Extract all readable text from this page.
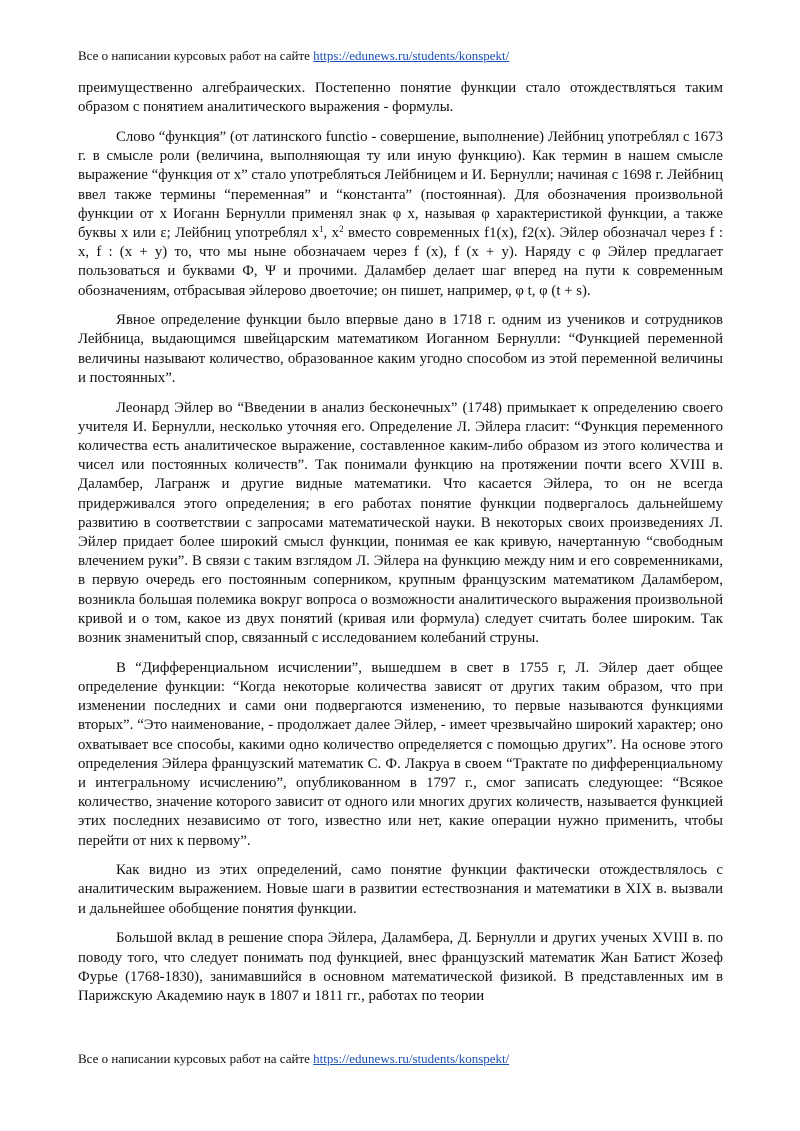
Все о написании курсовых работ на сайте https://edunews.ru/students/konspekt/

преимущественно алгебраических. Постепенно понятие функции стало отождествляться таким образом с понятием аналитического выражения - формулы.

Слово “функция” (от латинского functio - совершение, выполнение) Лейбниц употреблял с 1673 г. в смысле роли (величина, выполняющая ту или иную функцию). Как термин в нашем смысле выражение “функция от x” стало употребляться Лейбницем и И. Бернулли; начиная с 1698 г. Лейбниц ввел также термины “переменная” и “константа” (постоянная). Для обозначения произвольной функции от x Иоганн Бернулли применял знак φ x, называя φ характеристикой функции, а также буквы x или ε; Лейбниц употреблял $x^1$, $x^2$ вместо современных f1(x), f2(x). Эйлер обозначал через f : x, f : (x + y) то, что мы ныне обозначаем через f (x), f (x + y). Наряду с φ Эйлер предлагает пользоваться и буквами Ф, Ψ и прочими. Даламбер делает шаг вперед на пути к современным обозначениям, отбрасывая эйлерово двоеточие; он пишет, например, φ t, φ (t + s).

Явное определение функции было впервые дано в 1718 г. одним из учеников и сотрудников Лейбница, выдающимся швейцарским математиком Иоганном Бернулли: “Функцией переменной величины называют количество, образованное каким угодно способом из этой переменной величины и постоянных”.

Леонард Эйлер во “Введении в анализ бесконечных” (1748) примыкает к определению своего учителя И. Бернулли, несколько уточняя его. Определение Л. Эйлера гласит: “Функция переменного количества есть аналитическое выражение, составленное каким-либо образом из этого количества и чисел или постоянных количеств”. Так понимали функцию на протяжении почти всего XVIII в. Даламбер, Лагранж и другие видные математики. Что касается Эйлера, то он не всегда придерживался этого определения; в его работах понятие функции подвергалось дальнейшему развитию в соответствии с запросами математической науки. В некоторых своих произведениях Л. Эйлер придает более широкий смысл функции, понимая ее как кривую, начертанную “свободным влечением руки”. В связи с таким взглядом Л. Эйлера на функцию между ним и его современниками, в первую очередь его постоянным соперником, крупным французским математиком Даламбером, возникла большая полемика вокруг вопроса о возможности аналитического выражения произвольной кривой и о том, какое из двух понятий (кривая или формула) следует считать более широким. Так возник знаменитый спор, связанный с исследованием колебаний струны.

В “Дифференциальном исчислении”, вышедшем в свет в 1755 г, Л. Эйлер дает общее определение функции: “Когда некоторые количества зависят от других таким образом, что при изменении последних и сами они подвергаются изменению, то первые называются функциями вторых”. “Это наименование, - продолжает далее Эйлер, - имеет чрезвычайно широкий характер; оно охватывает все способы, какими одно количество определяется с помощью других”. На основе этого определения Эйлера французский математик С. Ф. Лакруа в своем “Трактате по дифференциальному и интегральному исчислению”, опубликованном в 1797 г., смог записать следующее: “Всякое количество, значение которого зависит от одного или многих других количеств, называется функцией этих последних независимо от того, известно или нет, какие операции нужно применить, чтобы перейти от них к первому”.

Как видно из этих определений, само понятие функции фактически отождествлялось с аналитическим выражением. Новые шаги в развитии естествознания и математики в XIX в. вызвали и дальнейшее обобщение понятия функции.

Большой вклад в решение спора Эйлера, Даламбера, Д. Бернулли и других ученых XVIII в. по поводу того, что следует понимать под функцией, внес французский математик Жан Батист Жозеф Фурье (1768-1830), занимавшийся в основном математической физикой. В представленных им в Парижскую Академию наук в 1807 и 1811 гг., работах по теории

Все о написании курсовых работ на сайте https://edunews.ru/students/konspekt/
